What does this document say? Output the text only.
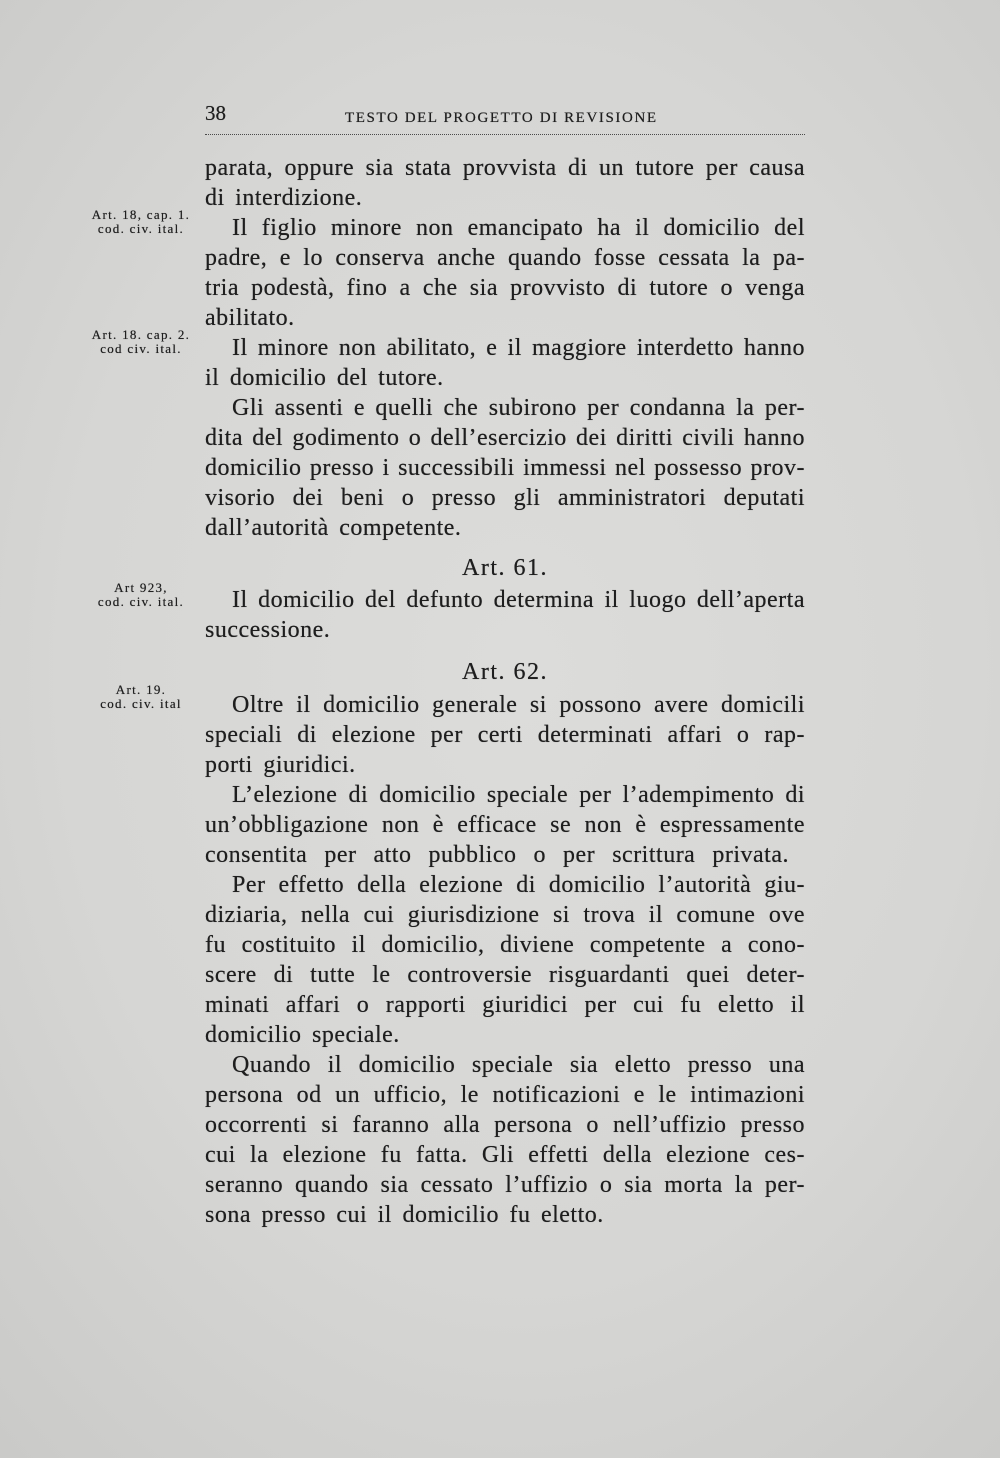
38	TESTO DEL PROGETTO DI REVISIONE
Art. 18, cap. 1.
cod. civ. ital.
Art. 18. cap. 2.
cod civ. ital.
Art 923,
cod. civ. ital.
Art. 19.
cod. civ. ital
parata, oppure sia stata provvista di un tutore per causa
di interdizione.
Il figlio minore non emancipato ha il domicilio del
padre, e lo conserva anche quando fosse cessata la pa-
tria podestà, fino a che sia provvisto di tutore o venga
abilitato.
Il minore non abilitato, e il maggiore interdetto hanno
il domicilio del tutore.
Gli assenti e quelli che subirono per condanna la per-
dita del godimento o dell’esercizio dei diritti civili hanno
domicilio presso i successibili immessi nel possesso prov-
visorio dei beni o presso gli amministratori deputati
dall’autorità competente.
Art. 61.
Il domicilio del defunto determina il luogo dell’aperta
successione.
Art. 62.
Oltre il domicilio generale si possono avere domicili
speciali di elezione per certi determinati affari o rap-
porti giuridici.
L’elezione di domicilio speciale per l’adempimento di
un’obbligazione non è efficace se non è espressamente
consentita per atto pubblico o per scrittura privata.
Per effetto della elezione di domicilio l’autorità giu-
diziaria, nella cui giurisdizione si trova il comune ove
fu costituito il domicilio, diviene competente a cono-
scere di tutte le controversie risguardanti quei deter-
minati affari o rapporti giuridici per cui fu eletto il
domicilio speciale.
Quando il domicilio speciale sia eletto presso una
persona od un ufficio, le notificazioni e le intimazioni
occorrenti si faranno alla persona o nell’uffizio presso
cui la elezione fu fatta. Gli effetti della elezione ces-
seranno quando sia cessato l’uffizio o sia morta la per-
sona presso cui il domicilio fu eletto.
